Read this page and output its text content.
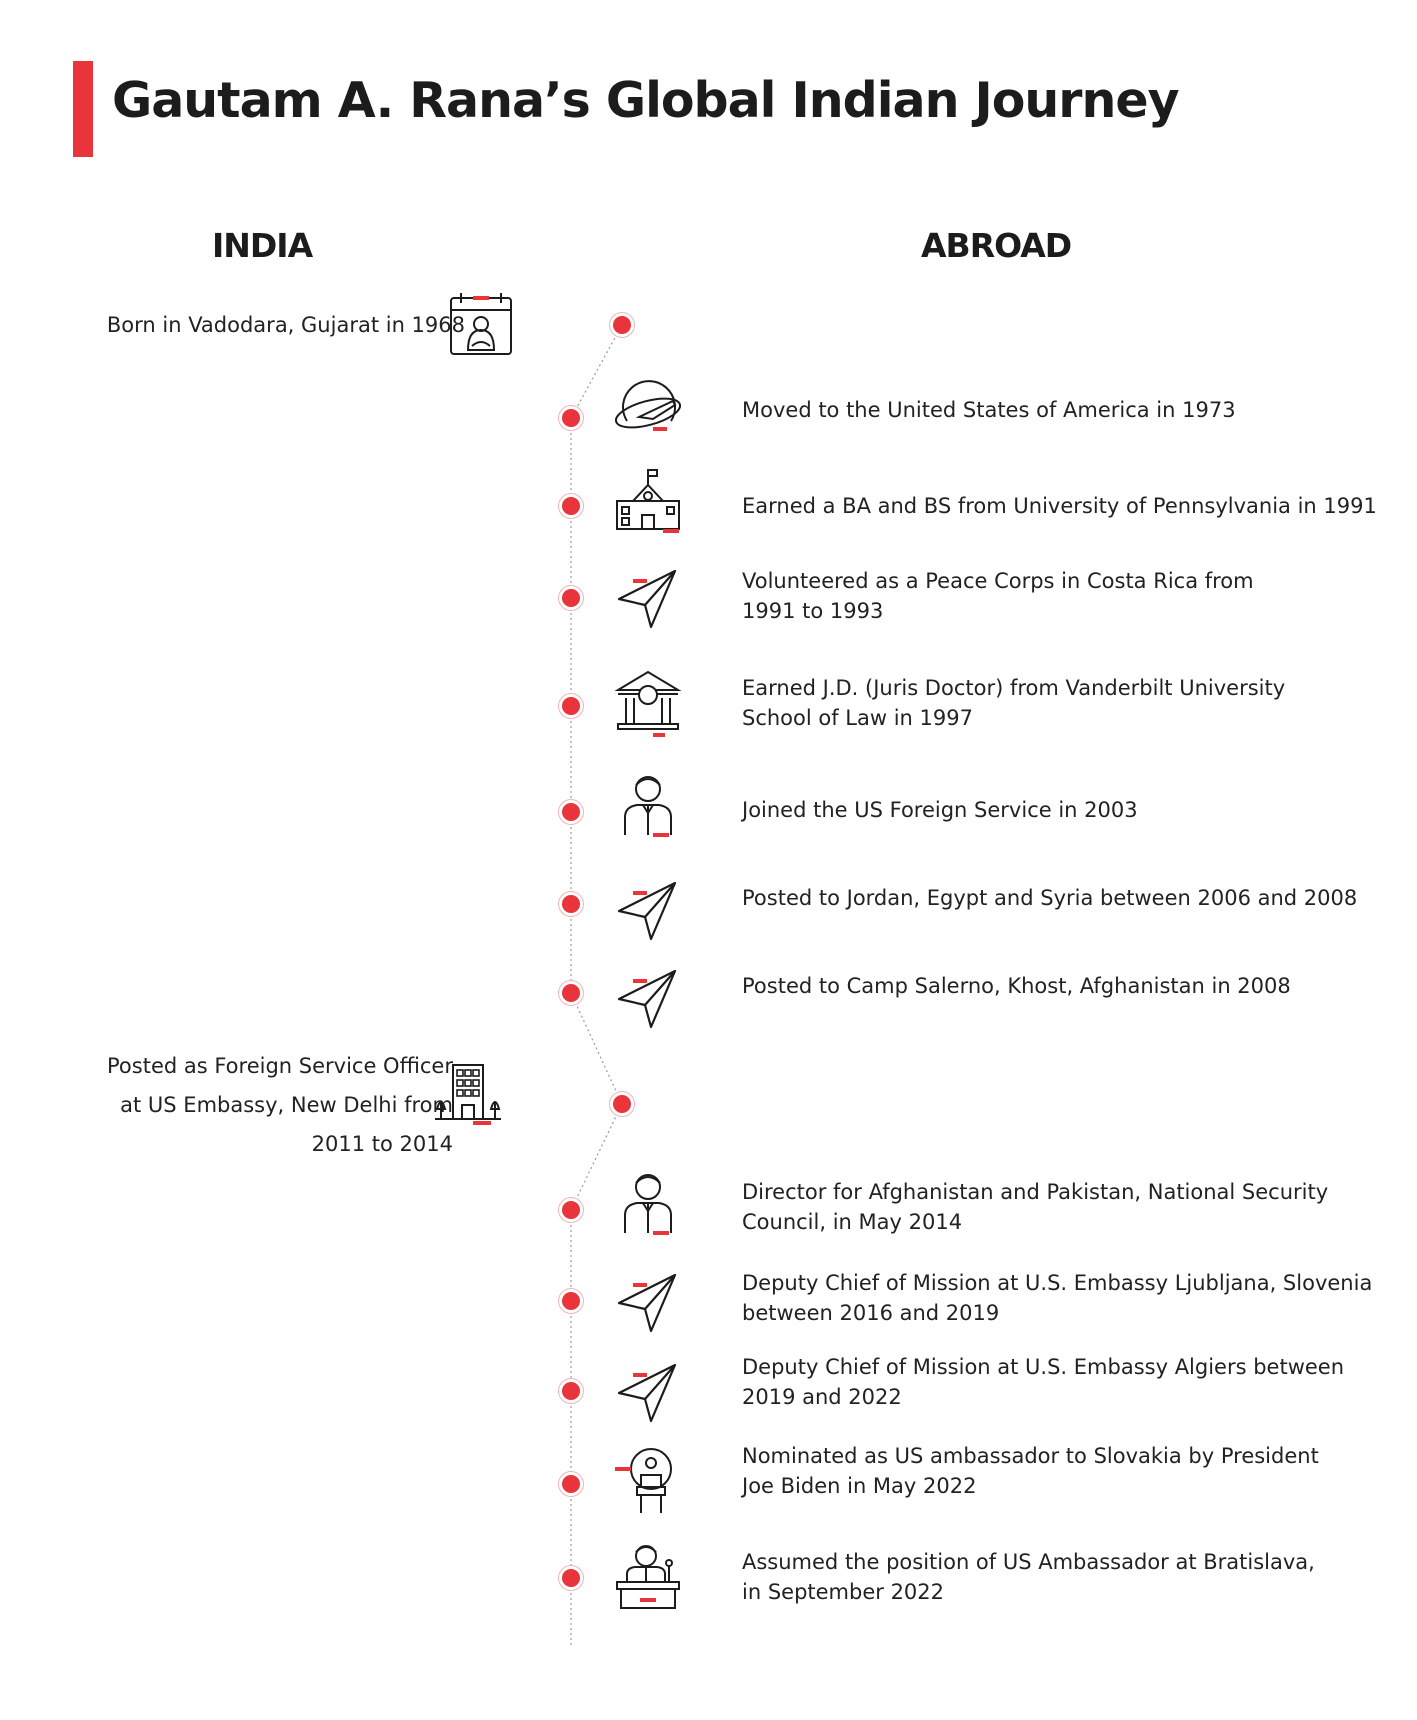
Gautam A. Rana’s Global Indian Journey
INDIA	ABROAD
Born in Vadodara, Gujarat in 1968
Moved to the United States of America in 1973
Earned a BA and BS from University of Pennsylvania in 1991
Volunteered as a Peace Corps in Costa Rica from
1991 to 1993
Earned J.D. (Juris Doctor) from Vanderbilt University
School of Law in 1997
Joined the US Foreign Service in 2003
Posted to Jordan, Egypt and Syria between 2006 and 2008
Posted to Camp Salerno, Khost, Afghanistan in 2008
Posted as Foreign Service Officer
at US Embassy, New Delhi from
2011 to 2014
Director for Afghanistan and Pakistan, National Security
Council, in May 2014
Deputy Chief of Mission at U.S. Embassy Ljubljana, Slovenia
between 2016 and 2019
Deputy Chief of Mission at U.S. Embassy Algiers between
2019 and 2022
Nominated as US ambassador to Slovakia by President
Joe Biden in May 2022
Assumed the position of US Ambassador at Bratislava,
in September 2022
